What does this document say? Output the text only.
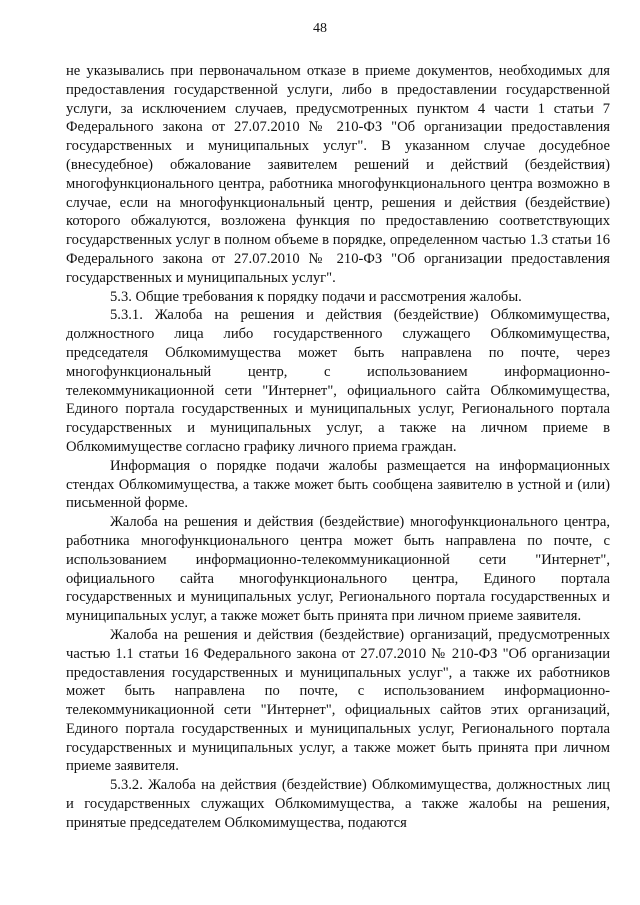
48

не указывались при первоначальном отказе в приеме документов, необходимых для предоставления государственной услуги, либо в предоставлении государственной услуги, за исключением случаев, предусмотренных пунктом 4 части 1 статьи 7 Федерального закона от 27.07.2010 № 210-ФЗ "Об организации предоставления государственных и муниципальных услуг". В указанном случае досудебное (внесудебное) обжалование заявителем решений и действий (бездействия) многофункционального центра, работника многофункционального центра возможно в случае, если на многофункциональный центр, решения и действия (бездействие) которого обжалуются, возложена функция по предоставлению соответствующих государственных услуг в полном объеме в порядке, определенном частью 1.3 статьи 16 Федерального закона от 27.07.2010 № 210-ФЗ "Об организации предоставления государственных и муниципальных услуг".

5.3. Общие требования к порядку подачи и рассмотрения жалобы.

5.3.1. Жалоба на решения и действия (бездействие) Облкомимущества, должностного лица либо государственного служащего Облкомимущества, председателя Облкомимущества может быть направлена по почте, через многофункциональный центр, с использованием информационно-телекоммуникационной сети "Интернет", официального сайта Облкомимущества, Единого портала государственных и муниципальных услуг, Регионального портала государственных и муниципальных услуг, а также на личном приеме в Облкомимуществе согласно графику личного приема граждан.

Информация о порядке подачи жалобы размещается на информационных стендах Облкомимущества, а также может быть сообщена заявителю в устной и (или) письменной форме.

Жалоба на решения и действия (бездействие) многофункционального центра, работника многофункционального центра может быть направлена по почте, с использованием информационно-телекоммуникационной сети "Интернет", официального сайта многофункционального центра, Единого портала государственных и муниципальных услуг, Регионального портала государственных и муниципальных услуг, а также может быть принята при личном приеме заявителя.

Жалоба на решения и действия (бездействие) организаций, предусмотренных частью 1.1 статьи 16 Федерального закона от 27.07.2010 № 210-ФЗ "Об организации предоставления государственных и муниципальных услуг", а также их работников может быть направлена по почте, с использованием информационно-телекоммуникационной сети "Интернет", официальных сайтов этих организаций, Единого портала государственных и муниципальных услуг, Регионального портала государственных и муниципальных услуг, а также может быть принята при личном приеме заявителя.

5.3.2. Жалоба на действия (бездействие) Облкомимущества, должностных лиц и государственных служащих Облкомимущества, а также жалобы на решения, принятые председателем Облкомимущества, подаются
